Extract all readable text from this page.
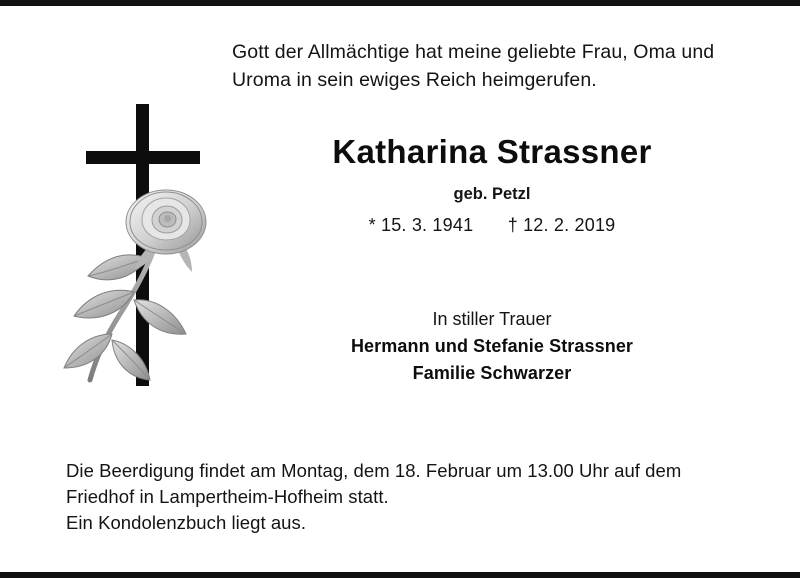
Gott der Allmächtige hat meine geliebte Frau, Oma und
Uroma in sein ewiges Reich heimgerufen.
Katharina Strassner
geb. Petzl
* 15. 3. 1941 † 12. 2. 2019
In stiller Trauer
Hermann und Stefanie Strassner
Familie Schwarzer
Die Beerdigung findet am Montag, dem 18. Februar um 13.00 Uhr auf dem
Friedhof in Lampertheim-Hofheim statt.
Ein Kondolenzbuch liegt aus.
